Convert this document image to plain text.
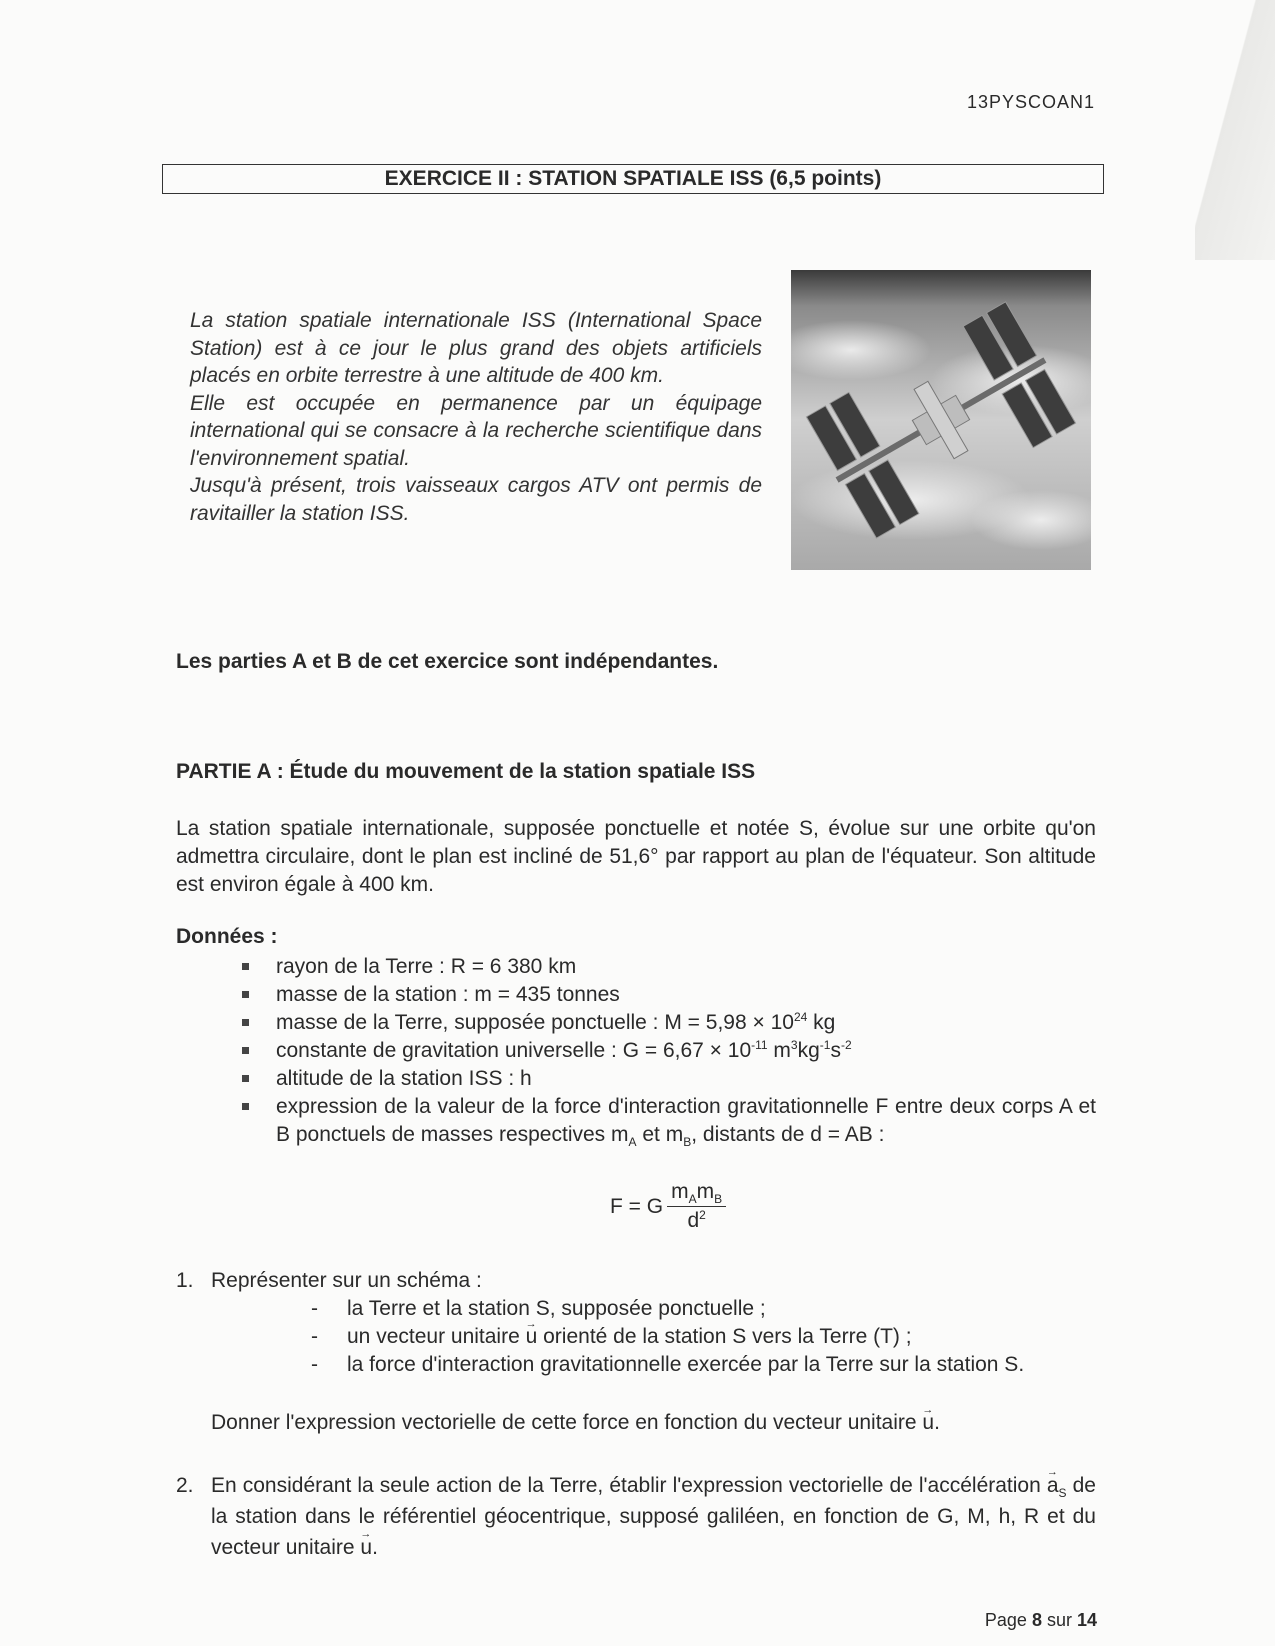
13PYSCOAN1
EXERCICE II : STATION SPATIALE ISS (6,5 points)

La station spatiale internationale ISS (International Space Station) est à ce jour le plus grand des objets artificiels placés en orbite terrestre à une altitude de 400 km.

Elle est occupée en permanence par un équipage international qui se consacre à la recherche scientifique dans l'environnement spatial.

Jusqu'à présent, trois vaisseaux cargos ATV ont permis de ravitailler la station ISS.

Les parties A et B de cet exercice sont indépendantes.
PARTIE A : Étude du mouvement de la station spatiale ISS

La station spatiale internationale, supposée ponctuelle et notée S, évolue sur une orbite qu'on admettra circulaire, dont le plan est incliné de 51,6° par rapport au plan de l'équateur. Son altitude est environ égale à 400 km.

Données :
rayon de la Terre : R = 6 380 km
masse de la station : m = 435 tonnes
masse de la Terre, supposée ponctuelle : $M = 5,98 \times 10^{24}$ kg
constante de gravitation universelle : $G = 6,67 \times 10^{-11}$ $m^3kg^{-1}s^{-2}$
altitude de la station ISS : h
expression de la valeur de la force d'interaction gravitationnelle F entre deux corps A et B ponctuels de masses respectives $m_A$ et $m_B$, distants de d = AB :
F = G $\frac{m_Am_B}{d^2}$
1. Représenter sur un schéma :
- la Terre et la station S, supposée ponctuelle ;
- un vecteur unitaire → u orienté de la station S vers la Terre (T) ;
- la force d'interaction gravitationnelle exercée par la Terre sur la station S.
Donner l'expression vectorielle de cette force en fonction du vecteur unitaire → u.
2. En considérant la seule action de la Terre, établir l'expression vectorielle de l'accélération → $a_S$ de la station dans le référentiel géocentrique, supposé galiléen, en fonction de G, M, h, R et du vecteur unitaire → u.
Page 8 sur 14
